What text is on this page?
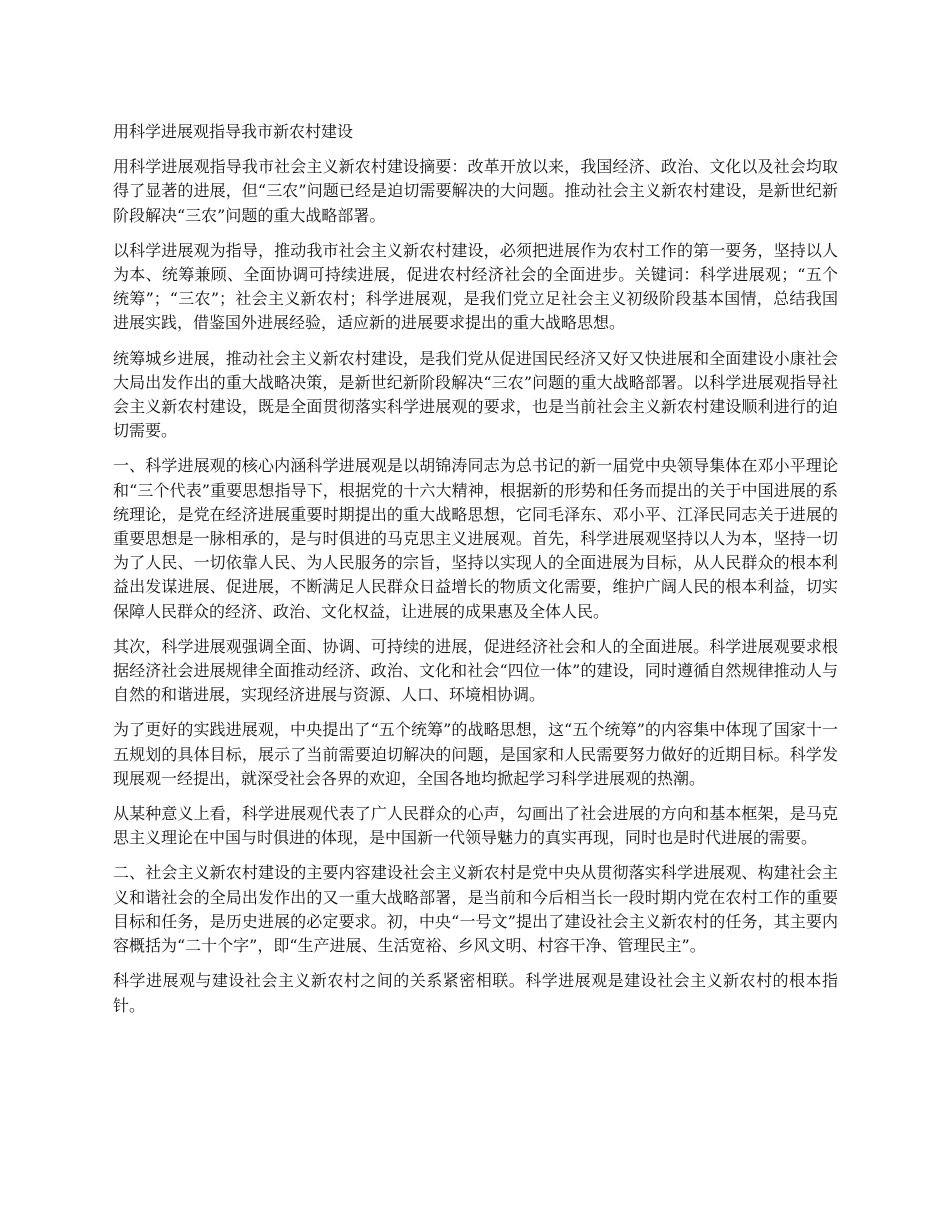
用科学进展观指导我市新农村建设

用科学进展观指导我市社会主义新农村建设摘要：改革开放以来，我国经济、政治、文化以及社会均取得了显著的进展，但“三农”问题已经是迫切需要解决的大问题。推动社会主义新农村建设，是新世纪新阶段解决“三农”问题的重大战略部署。

以科学进展观为指导，推动我市社会主义新农村建设，必须把进展作为农村工作的第一要务，坚持以人为本、统筹兼顾、全面协调可持续进展，促进农村经济社会的全面进步。关键词：科学进展观；“五个统筹”；“三农”；社会主义新农村；科学进展观，是我们党立足社会主义初级阶段基本国情，总结我国进展实践，借鉴国外进展经验，适应新的进展要求提出的重大战略思想。

统筹城乡进展，推动社会主义新农村建设，是我们党从促进国民经济又好又快进展和全面建设小康社会大局出发作出的重大战略决策，是新世纪新阶段解决“三农”问题的重大战略部署。以科学进展观指导社会主义新农村建设，既是全面贯彻落实科学进展观的要求，也是当前社会主义新农村建设顺利进行的迫切需要。

一、科学进展观的核心内涵科学进展观是以胡锦涛同志为总书记的新一届党中央领导集体在邓小平理论和“三个代表”重要思想指导下，根据党的十六大精神，根据新的形势和任务而提出的关于中国进展的系统理论，是党在经济进展重要时期提出的重大战略思想，它同毛泽东、邓小平、江泽民同志关于进展的重要思想是一脉相承的，是与时俱进的马克思主义进展观。首先，科学进展观坚持以人为本，坚持一切为了人民、一切依靠人民、为人民服务的宗旨，坚持以实现人的全面进展为目标，从人民群众的根本利益出发谋进展、促进展，不断满足人民群众日益增长的物质文化需要，维护广阔人民的根本利益，切实保障人民群众的经济、政治、文化权益，让进展的成果惠及全体人民。

其次，科学进展观强调全面、协调、可持续的进展，促进经济社会和人的全面进展。科学进展观要求根据经济社会进展规律全面推动经济、政治、文化和社会“四位一体”的建设，同时遵循自然规律推动人与自然的和谐进展，实现经济进展与资源、人口、环境相协调。

为了更好的实践进展观，中央提出了“五个统筹”的战略思想，这“五个统筹”的内容集中体现了国家十一五规划的具体目标，展示了当前需要迫切解决的问题，是国家和人民需要努力做好的近期目标。科学发现展观一经提出，就深受社会各界的欢迎，全国各地均掀起学习科学进展观的热潮。

从某种意义上看，科学进展观代表了广人民群众的心声，勾画出了社会进展的方向和基本框架，是马克思主义理论在中国与时俱进的体现，是中国新一代领导魅力的真实再现，同时也是时代进展的需要。

二、社会主义新农村建设的主要内容建设社会主义新农村是党中央从贯彻落实科学进展观、构建社会主义和谐社会的全局出发作出的又一重大战略部署，是当前和今后相当长一段时期内党在农村工作的重要目标和任务，是历史进展的必定要求。初，中央“一号文”提出了建设社会主义新农村的任务，其主要内容概括为“二十个字”，即“生产进展、生活宽裕、乡风文明、村容干净、管理民主”。

科学进展观与建设社会主义新农村之间的关系紧密相联。科学进展观是建设社会主义新农村的根本指针。
